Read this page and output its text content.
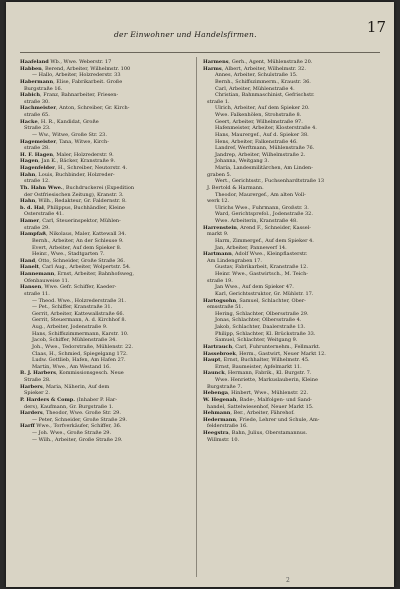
der Einwohner und Handelsfirmen.	17
Haafeland Wb., Wwe. Weberstr. 17
Habben, Berend, Arbeiter, Wilhelmstr. 100
— Hallo, Arbeiter, Holzrederstr. 33
Habermann, Elise, Fabrikarbeit. Große
Burgstraße 16.
Habich, Franz, Bahnarbeiter, Friesen-
straße 30.
Hachmeister, Anton, Schreiber, Gr. Kirch-
straße 65.
Hacke, H. R., Kandidat, Große
Straße 23.
— Ww., Witwe, Große Str. 23.
Hagemeister, Tana, Witwe, Kirch-
straße 28.
H. F. Hagen, Maler, Holzrederstr. 9.
Hagen, Jan K., Bäcker, Kranstraße 9.
Hagenfelder, H., Schreiber, Neutorstr. 4.
Hahn, Louis, Buchbinder, Holzreder-
straße 12.
Th. Hahn Wwe., Buchdruckerei (Expedition
der Ostfriesischen Zeitung), Kranstr. 3.
Hahn, Wilh., Redakteur, Gr. Faldernstr. 8.
b. d. Hal, Philippus, Buchhändler, Kleine
Osterstraße 41.
Hamer, Carl, Steuerinspektor, Mühlen-
straße 29.
Hampfaß, Nikolaus, Maler, Kattewall 34.
Bernh., Arbeiter, An der Schleuse 9.
Evert, Arbeiter, Auf dem Spieker 8.
Heinr., Wwe., Stadtgarten 7.
Hand, Otto, Schneider, Große Straße 36.
Hanelt, Carl Aug., Arbeiter, Wolpertstr. 54.
Hannemann, Ernst, Arbeiter, Bahnhofsweg,
Ofenbauweise 11.
Hansen, Wwe. Gefr. Schiffer, Kaeder-
straße 11.
— Theod. Wwe., Holzrederstraße 31.
— Pet., Schiffer, Kranstraße 31.
Gerrit, Arbeiter, Kattewallstraße 66.
Gerrit, Steuermann, A. d. Kirchhof 8.
Aug., Arbeiter, Jodenstraße 9.
Hans, Schiffszimmermann, Karstr. 10.
Jacob, Schiffer, Mühlenstraße 34.
Joh., Wwe., Tedorstraße, Mühlenstr. 22.
Claas, H., Schmied, Spiegelgang 172.
Ludw. Gottlieb, Hafen, Am Hafen 27.
Martin, Wwe., Am Westand 16.
B. J. Harbers, Kommissionsgesch. Neue
Straße 28.
Harbers, Maria, Näherin, Auf dem
Spieker 2.
P. Harders & Comp. (Inhaber P. Har-
ders), Kaufmann, Gr. Burgstraße 1.
Harders, Theodor, Wwe. Große Str. 29.
— Peter, Schneider, Große Straße 29.
Harff Wwe., Torfverkäufer, Schiffer, 36.
— Joh. Wwe., Große Straße 29.
— Wilh., Arbeiter, Große Straße 29.
Harmens, Gerh., Agent, Mühlenstraße 20.
Harms, Albert, Arbeiter, Wilhelmstr. 32.
Annes, Arbeiter, Schulstraße 15.
Bernh., Schiffszimmerm., Kraustr. 36.
Carl, Arbeiter, Mühlenstraße 4.
Christian, Bahnmaschinist, Gefrischstr.
straße 1.
Ulrich, Arbeiter, Auf dem Spieker 20.
Wwe. Falkenhölen, Strohstraße 8.
Geert, Arbeiter, Wilhelmstraße 97.
Hafenmeister, Arbeiter, Klosterstraße 4.
Hans, Maurergef., Auf d. Spieker 38.
Hens, Arbeiter, Falkenstraße 46.
Landref, Werftmann, Mühlenstraße 76.
Jandrep, Arbeiter, Wilhelmstraße 2.
Johanna, Weitgang 3.
Maria, Landesmilitärchen, Am Linden-
graben 5.
Wert., Gerichtsstr., Fuchsenhardtstraße 13
J. Bertold & Harmann.
Theodor, Maurergef., Am alten Voll-
werk 12.
Ulrichs Wwe., Fuhrmann, Großstr. 3.
Ward, Gerichtsprefol., Jodenstraße 32.
Wwe. Arbeiterin, Kranstraße 48.
Harrenstein, Arend F., Schneider, Kassel-
markt 9.
Harm, Zimmergef., Auf dem Spieker 4.
Jan, Arbeiter, Pannewerf 14.
Hartmann, Adolf Wwe., Kleinpflasterstr.
Am Lindengraben 17.
Gustav, Fabrikarbeit, Kranstraße 12.
Heinr. Wwe., Gastwirtsch., M. Teich-
straße 19.
Jan Wwe., Auf dem Spieker 47.
Karl, Gerichtsstruktor, Gr. Mühlstr. 17.
Hartogsohn, Samuel, Schlachter, Ober-
emsstraße 51.
Hering, Schlachter, Olbersstraße 29.
Jonas, Schlachter, Olbersstraße 4.
Jakob, Schlachter, Daalerstraße 13.
Philipp, Schlachter, Kl. Brückstraße 33.
Samuel, Schlachter, Weitgang 9.
Hartrauch, Carl, Fuhrunternehm., Fellmarkt.
Hassebroek, Herm., Gastwirt, Neuer Markt 12.
Haupt, Ernst, Buchhalter, Wilhelmstr. 45.
Ernst, Baumeister, Apfelmarkt 11.
Haunck, Hermann, Fabrik., Kl. Burgstr. 7.
Wwe. Henriette, Markuslauberin, Kleine
Burgstraße 7.
Hebenga, Hinbert, Wwe., Mühlenstr. 22.
W. Hegenah, Bade-, Malfolgen- und Sand-
handel, Sattelwiesenhof, Neuer Markt 15.
Hehmann, Ber., Arbeiter, Fährehof.
Hedermann, Friede, Lehrer und Schule, Am-
felderstraße 16.
Heegstra, Bahn, Julius, Oberstamannus.
Willmstr. 10.
2
